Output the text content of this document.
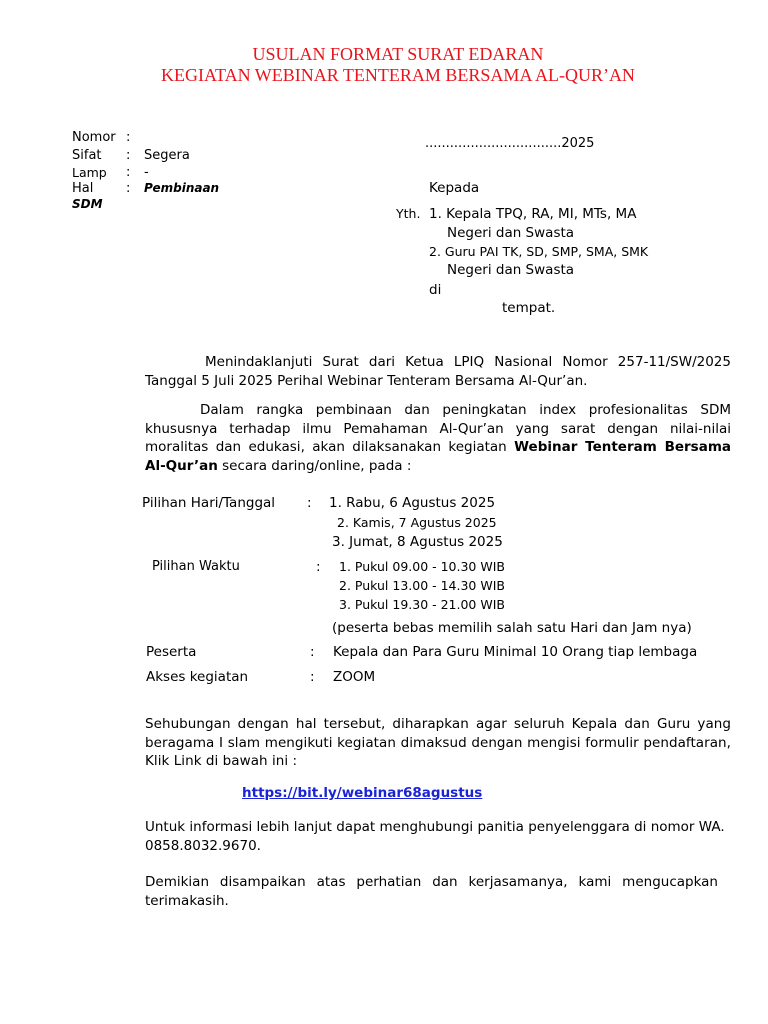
USULAN FORMAT SURAT EDARAN
KEGIATAN WEBINAR TENTERAM BERSAMA AL-QUR’AN
Nomor :
Sifat : Segera
Lamp : -
Hal	: Pembinaan
SDM
.................................2025
Kepada
Yth. 1. Kepala TPQ, RA, MI, MTs, MA
Negeri dan Swasta
2. Guru PAI TK, SD, SMP, SMA, SMK
Negeri dan Swasta
di
tempat.
Menindaklanjuti Surat dari Ketua LPIQ Nasional Nomor 257-11/SW/2025 Tanggal 5 Juli 2025 Perihal Webinar Tenteram Bersama Al-Qur’an.
Dalam rangka pembinaan dan peningkatan index profesionalitas SDM khususnya terhadap ilmu Pemahaman Al-Qur’an yang sarat dengan nilai-nilai moralitas dan edukasi, akan dilaksanakan kegiatan Webinar Tenteram Bersama Al-Qur’an secara daring/online, pada :
Pilihan Hari/Tanggal : 1. Rabu, 6 Agustus 2025
2. Kamis, 7 Agustus 2025
3. Jumat, 8 Agustus 2025
Pilihan Waktu	: 1. Pukul 09.00 - 10.30 WIB
2. Pukul 13.00 - 14.30 WIB
3. Pukul 19.30 - 21.00 WIB
(peserta bebas memilih salah satu Hari dan Jam nya)
Peserta	: Kepala dan Para Guru Minimal 10 Orang tiap lembaga
Akses kegiatan	: ZOOM
Sehubungan dengan hal tersebut, diharapkan agar seluruh Kepala dan Guru yang beragama I slam mengikuti kegiatan dimaksud dengan mengisi formulir pendaftaran, Klik Link di bawah ini :
https://bit.ly/webinar68agustus
Untuk informasi lebih lanjut dapat menghubungi panitia penyelenggara di nomor WA. 0858.8032.9670.
Demikian disampaikan atas perhatian dan kerjasamanya, kami mengucapkan terimakasih.
